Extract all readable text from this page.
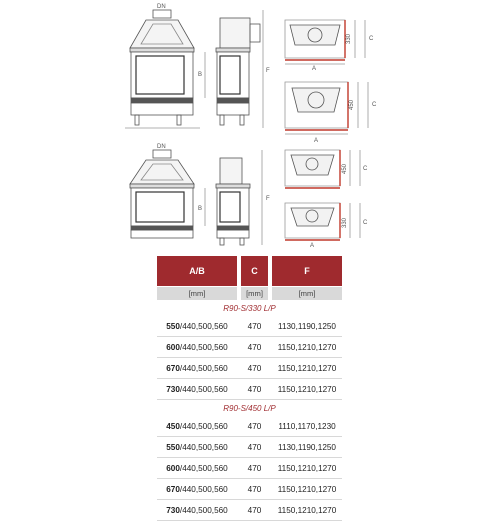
DN
B
F
DN
B
F
A
330	C
A
450	C
450	C
330	C
A
A/B	C	F
[mm]	[mm]	[mm]
R90-S/330 L/P
550 /440,500,560	470	1130,1190,1250
600 /440,500,560	470	1150,1210,1270
670 /440,500,560	470	1150,1210,1270
730 /440,500,560	470	1150,1210,1270
R90-S/450 L/P
450 /440,500,560	470	1110,1170,1230
550 /440,500,560	470	1130,1190,1250
600 /440,500,560	470	1150,1210,1270
670 /440,500,560	470	1150,1210,1270
730 /440,500,560	470	1150,1210,1270
